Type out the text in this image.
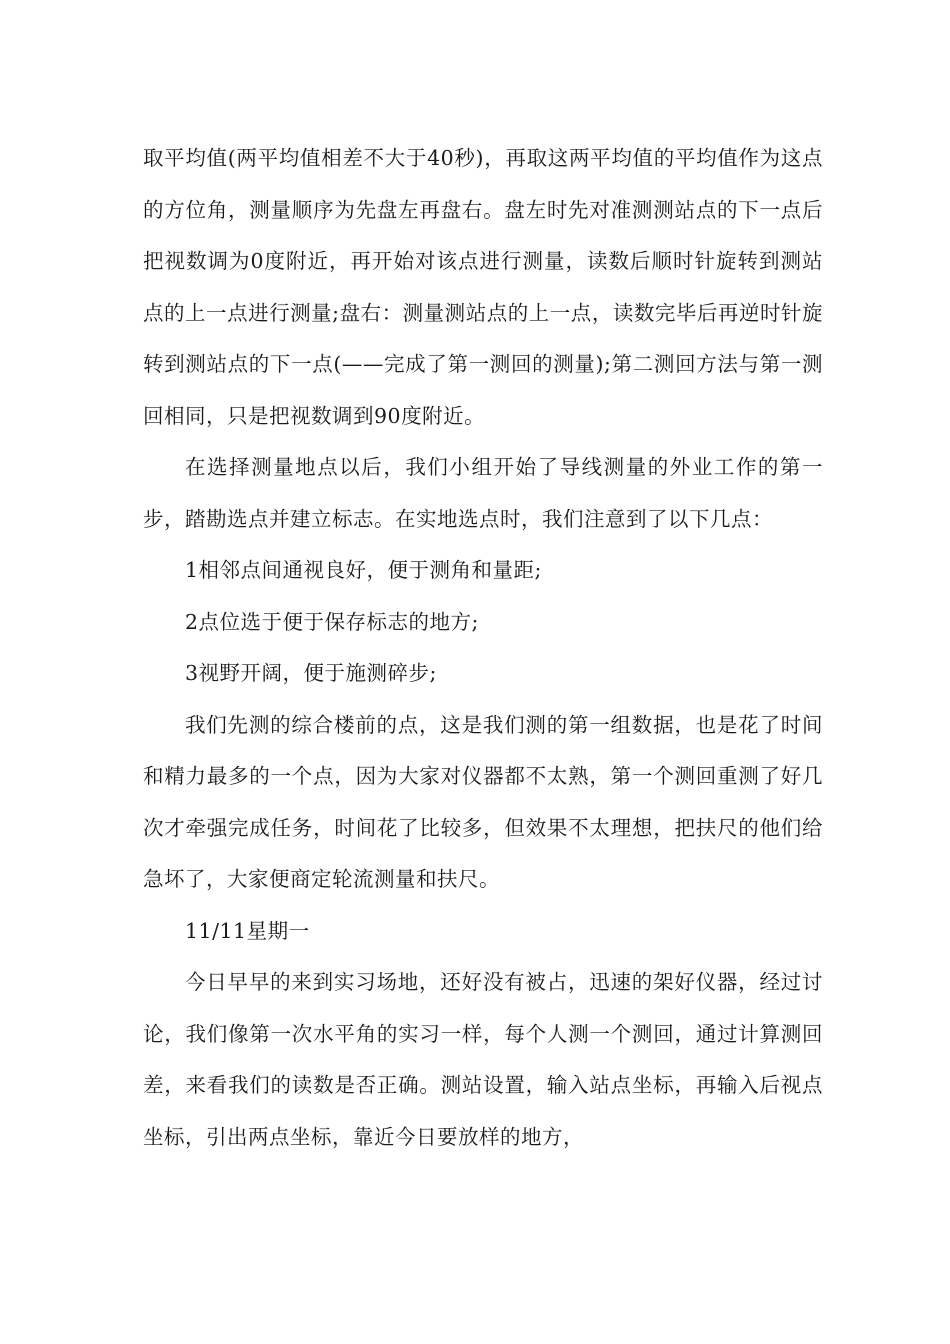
取平均值(两平均值相差不大于40秒)，再取这两平均值的平均值作为这点的方位角，测量顺序为先盘左再盘右。盘左时先对准测测站点的下一点后把视数调为0度附近，再开始对该点进行测量，读数后顺时针旋转到测站点的上一点进行测量;盘右：测量测站点的上一点，读数完毕后再逆时针旋转到测站点的下一点(——完成了第一测回的测量);第二测回方法与第一测回相同，只是把视数调到90度附近。

在选择测量地点以后，我们小组开始了导线测量的外业工作的第一步，踏勘选点并建立标志。在实地选点时，我们注意到了以下几点：

1相邻点间通视良好，便于测角和量距;

2点位选于便于保存标志的地方;

3视野开阔，便于施测碎步;

我们先测的综合楼前的点，这是我们测的第一组数据，也是花了时间和精力最多的一个点，因为大家对仪器都不太熟，第一个测回重测了好几次才牵强完成任务，时间花了比较多，但效果不太理想，把扶尺的他们给急坏了，大家便商定轮流测量和扶尺。

11/11星期一

今日早早的来到实习场地，还好没有被占，迅速的架好仪器，经过讨论，我们像第一次水平角的实习一样，每个人测一个测回，通过计算测回差，来看我们的读数是否正确。测站设置，输入站点坐标，再输入后视点坐标，引出两点坐标，靠近今日要放样的地方，
